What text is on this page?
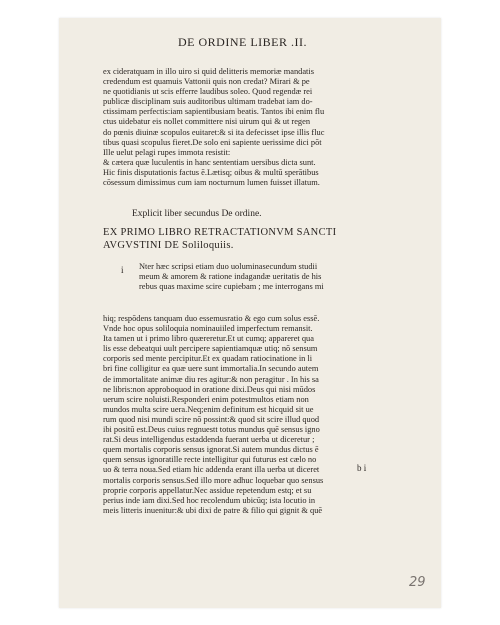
DE ORDINE LIBER .II.
ex cideratquam in illo uiro si quid delitteris memoriæ mandatis
credendum est quamuis Vattonii quis non credat? Mirari & pe
ne quotidianis ut scis efferre laudibus soleo. Quod regendæ rei
publicæ disciplinam suis auditoribus ultimam tradebat iam do-
ctissimam perfectis:iam sapientibusiam beatis. Tantos ibi enim flu
ctus uidebatur eis nollet committere nisi uirum qui & ut regen
do pœnis diuinæ scopulos euitaret:& si ita defecisset ipse illis fluc
tibus quasi scopulus fieret.De solo eni sapiente uerissime dici pōt
Ille uelut pelagi rupes immota resistit:
& cætera quæ luculentis in hanc sententiam uersibus dicta sunt.
Hic finis disputationis factus ē.Lætisq; oibus & multū sperātibus
cōsessum dimissimus cum iam nocturnum lumen fuisset illatum.
Explicit liber secundus De ordine.
EX PRIMO LIBRO RETRACTATIONVM SANCTI
AVGVSTINI DE Soliloquiis.
i Nter hæc scripsi etiam duo uoluminasecundum studii
meum & amorem & ratione indagandæ ueritatis de his
rebus quas maxime scire cupiebam ; me interrogans mi
hiq; respōdens tanquam duo essemusratio & ego cum solus essē.
Vnde hoc opus soliloquia nominauiiled imperfectum remansit.
Ita tamen ut i primo libro quæreretur.Et ut cumq; appareret qua
lis esse debeatqui uult percipere sapientiamquæ utiq; nō sensum
corporis sed mente percipitur.Et ex quadam ratiocinatione in li
bri fine colligitur ea quæ uere sunt immortalia.In secundo autem
de immortalitate animæ diu res agitur:& non peragitur . In his sa
ne libris:non approboquod in oratione dixi.Deus qui nisi mūdos
uerum scire noluisti.Responderi enim potestmultos etiam non
mundos multa scire uera.Neq;enim definitum est hicquid sit ue
rum quod nisi mundi scire nō possint:& quod sit scire illud quod
ibi positū est.Deus cuius regnuestt totus mundus quē sensus igno
rat.Si deus intelligendus estaddenda fuerant uerba ut diceretur ;
quem mortalis corporis sensus ignorat.Si autem mundus dictus ē
quem sensus ignoratille recte intelligitur qui futurus est cælo no
uo & terra noua.Sed etiam hic addenda erant illa uerba ut diceret
mortalis corporis sensus.Sed illo more adhuc loquebar quo sensus
proprie corporis appellatur.Nec assidue repetendum estq; et su
perius inde iam dixi.Sed hoc recolendum ubicūq; ista locutio in
meis litteris inuenitur:& ubi dixi de patre & filio qui gignit & quē
b i
29
